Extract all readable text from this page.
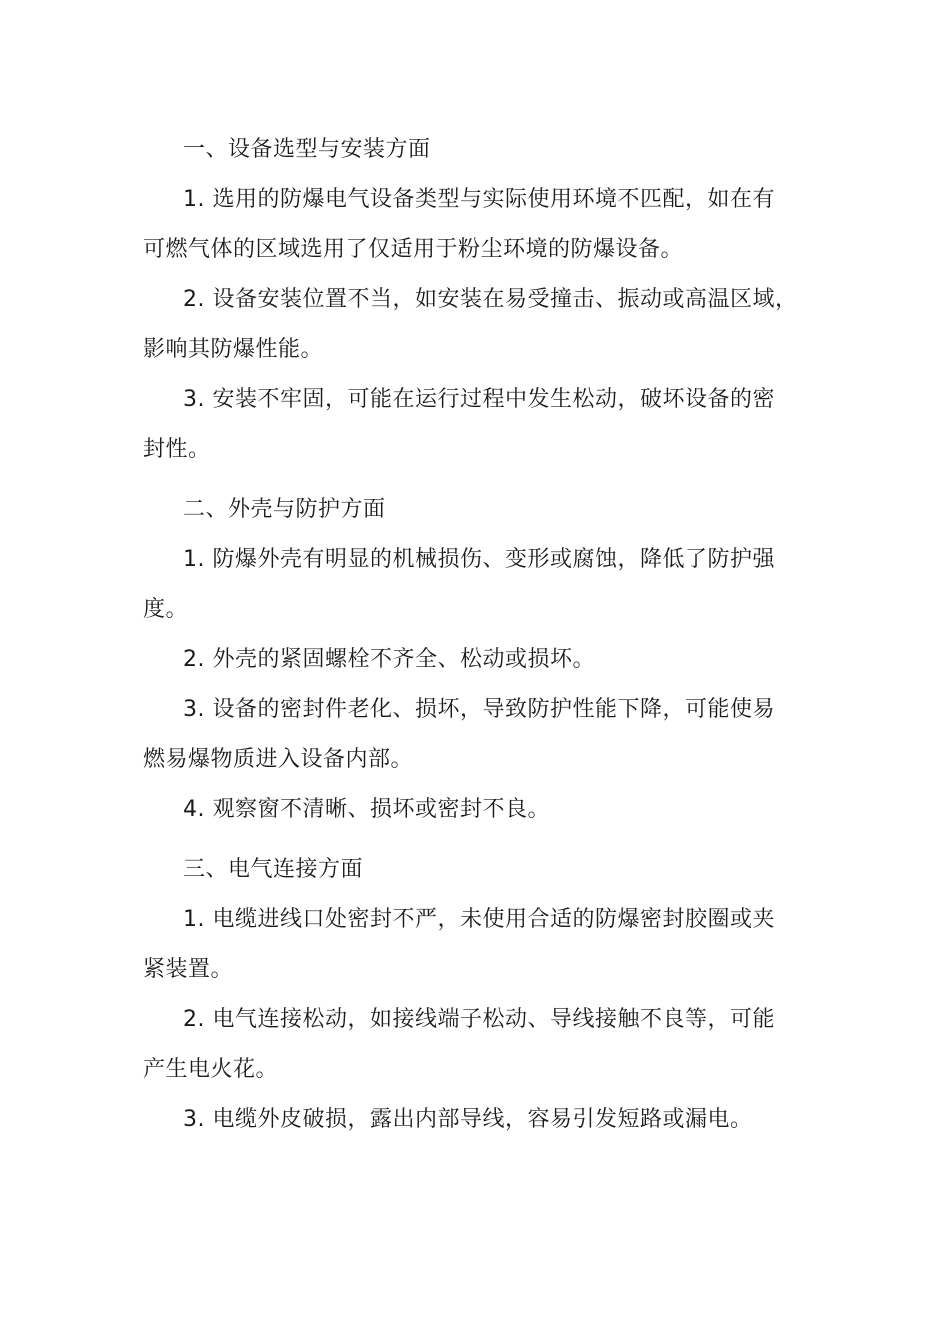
一、设备选型与安装方面
1. 选用的防爆电气设备类型与实际使用环境不匹配，如在有
可燃气体的区域选用了仅适用于粉尘环境的防爆设备。
2. 设备安装位置不当，如安装在易受撞击、振动或高温区域，
影响其防爆性能。
3. 安装不牢固，可能在运行过程中发生松动，破坏设备的密
封性。
二、外壳与防护方面
1. 防爆外壳有明显的机械损伤、变形或腐蚀，降低了防护强
度。
2. 外壳的紧固螺栓不齐全、松动或损坏。
3. 设备的密封件老化、损坏，导致防护性能下降，可能使易
燃易爆物质进入设备内部。
4. 观察窗不清晰、损坏或密封不良。
三、电气连接方面
1. 电缆进线口处密封不严，未使用合适的防爆密封胶圈或夹
紧装置。
2. 电气连接松动，如接线端子松动、导线接触不良等，可能
产生电火花。
3. 电缆外皮破损，露出内部导线，容易引发短路或漏电。
